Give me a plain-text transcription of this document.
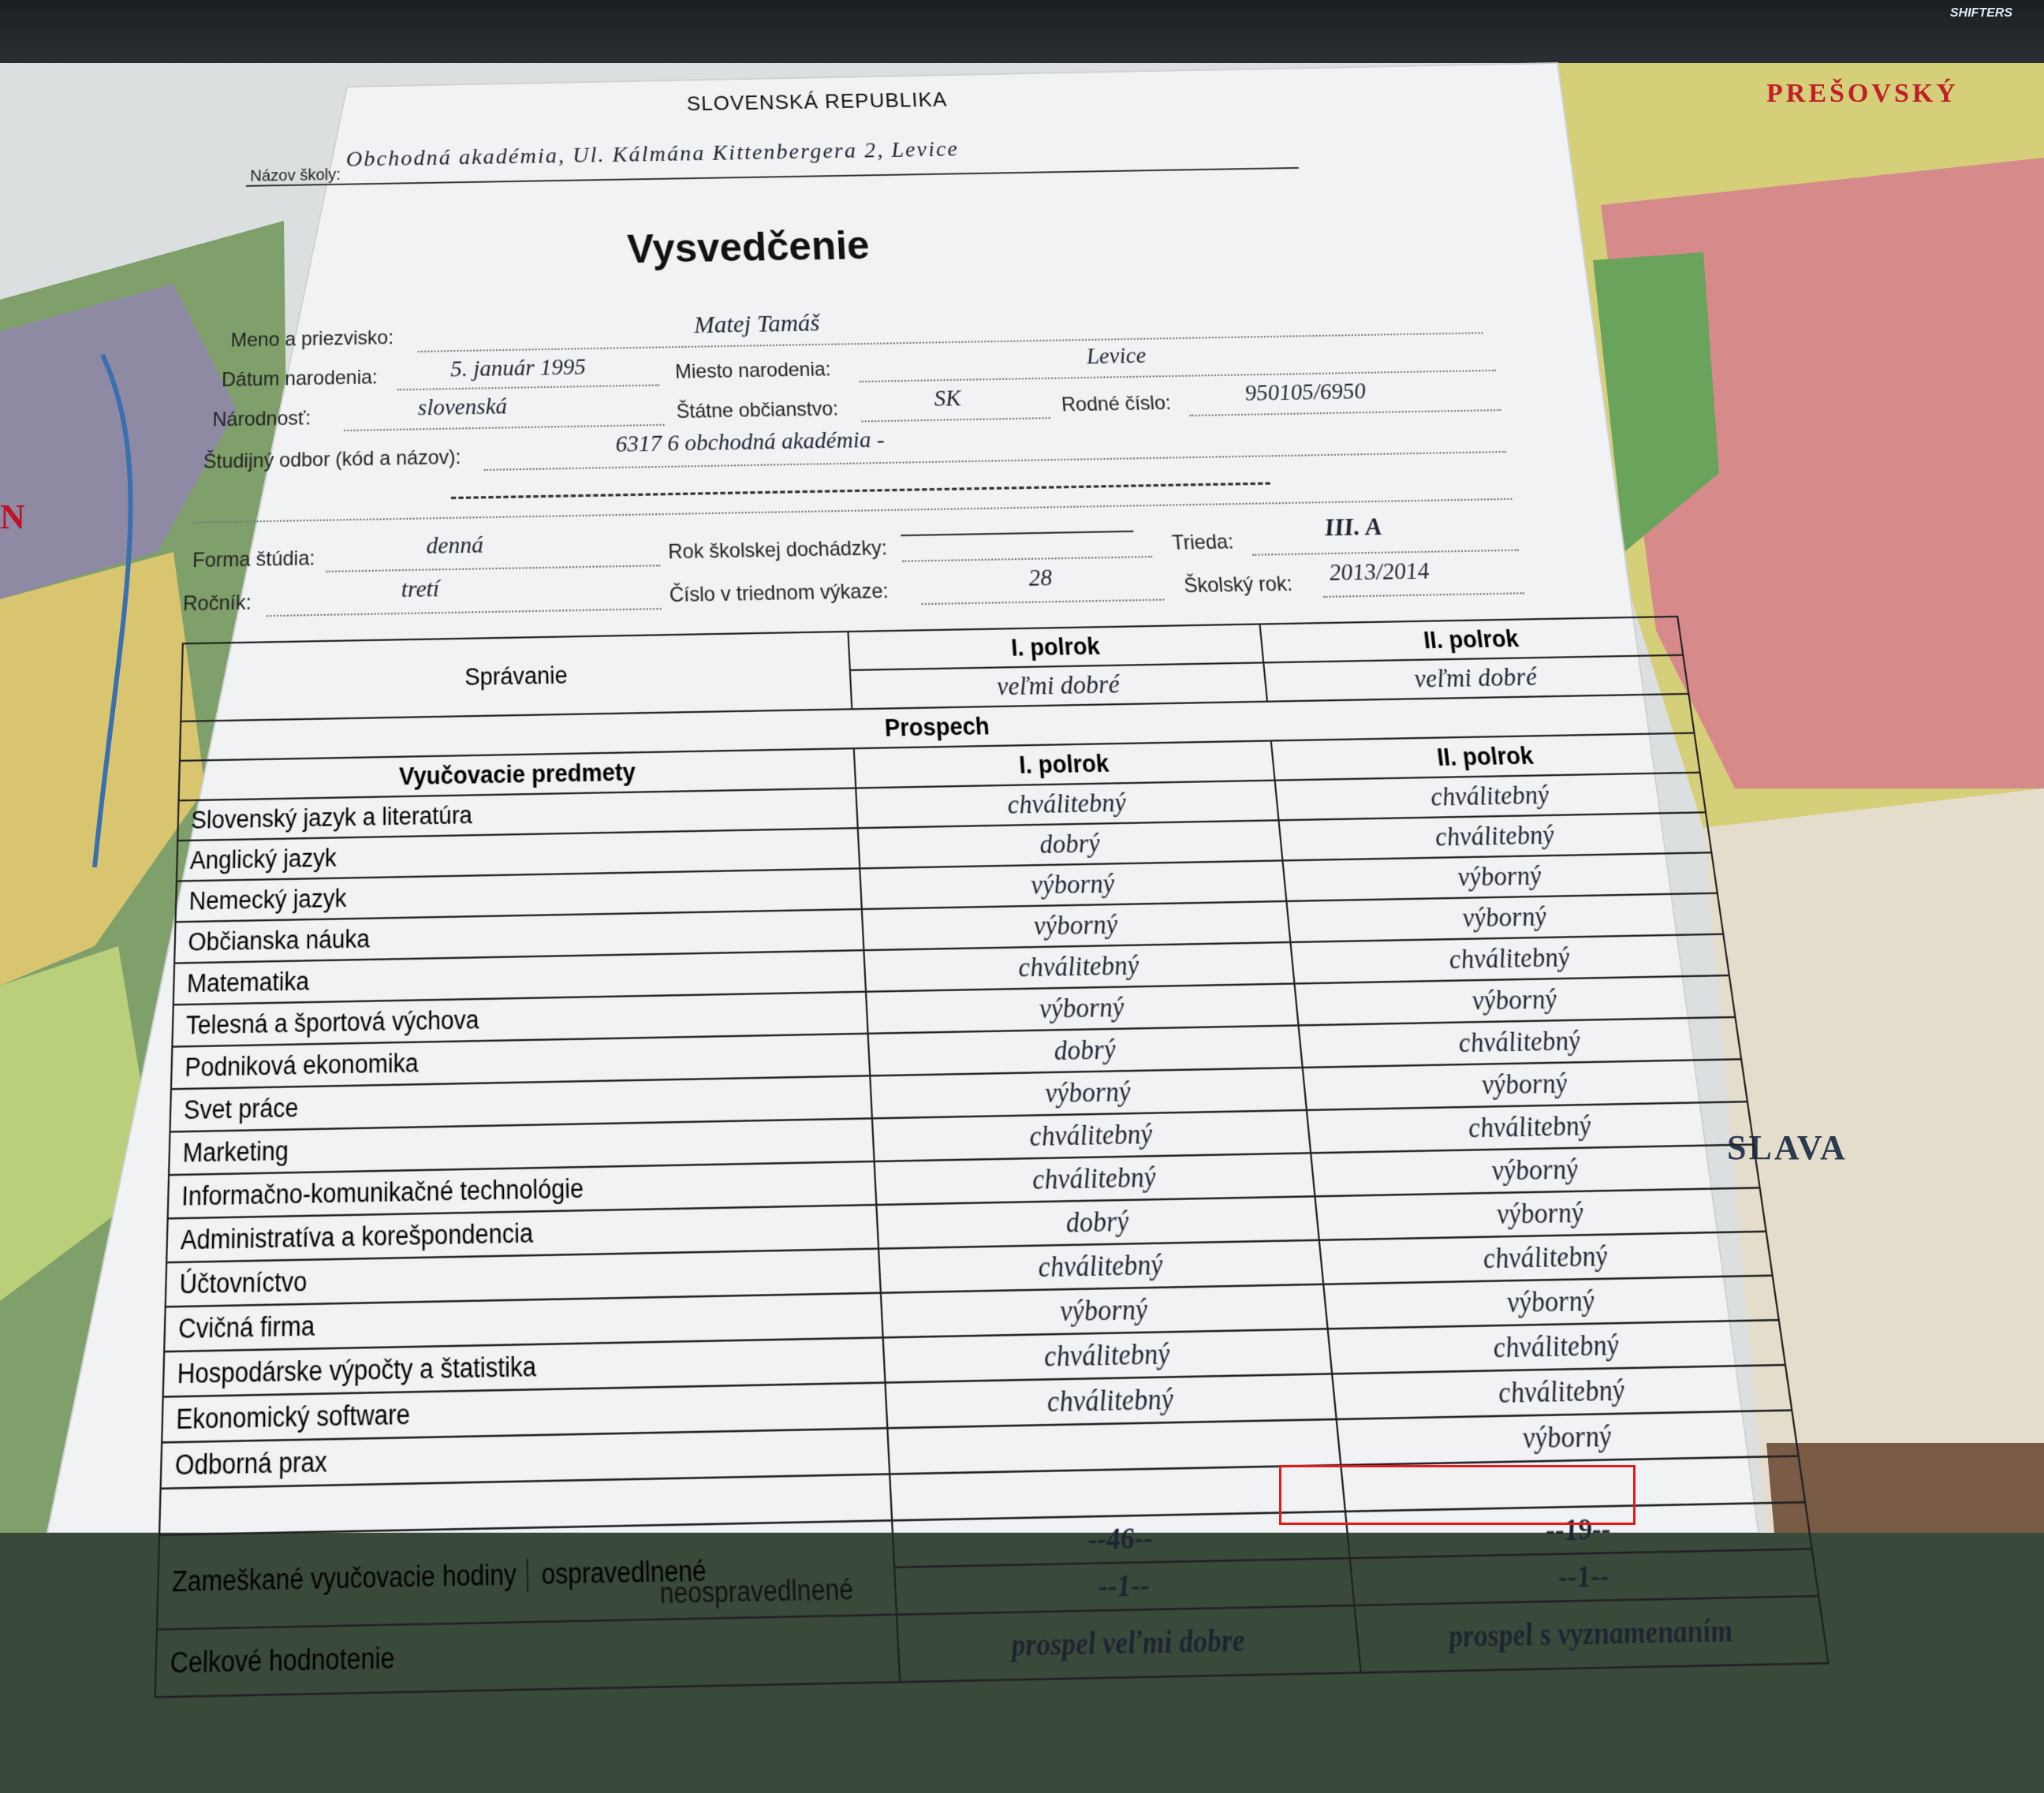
SHIFTERS
N
PREŠOVSKÝ
SLAVA
SLOVENSKÁ REPUBLIKA
Názov školy:
Obchodná akadémia, Ul. Kálmána Kittenbergera 2, Levice
Vysvedčenie
Meno a priezvisko:
Matej Tamáš
Dátum narodenia:	5. január 1995	Miesto narodenia:
Levice
Národnosť:	slovenská	Štátne občianstvo:	SK	Rodné číslo:	950105/6950
Študijný odbor (kód a názov):
6317 6 obchodná akadémia -
Forma štúdia:
denná	Rok školskej dochádzky:	Trieda:
III. A
Ročník:
tretí	Číslo v triednom výkaze:
28	Školský rok: 2013/2014
Správanie	I. polrok	II. polrok
	veľmi dobré	veľmi dobré
Prospech		
Vyučovacie predmety	I. polrok	II. polrok
Slovenský jazyk a literatúra	chválitebný	chválitebný
Anglický jazyk	dobrý	chválitebný
Nemecký jazyk	výborný	výborný
Občianska náuka	výborný	výborný
Matematika	chválitebný	chválitebný
Telesná a športová výchova	výborný	výborný
Podniková ekonomika	dobrý	chválitebný
Svet práce	výborný	výborný
Marketing	chválitebný	chválitebný
Informačno-komunikačné technológie	chválitebný	výborný
Administratíva a korešpondencia	dobrý	výborný
Účtovníctvo	chválitebný	chválitebný
Cvičná firma	výborný	výborný
Hospodárske výpočty a štatistika	chválitebný	chválitebný
Ekonomický software	chválitebný	chválitebný
Odborná prax		výborný

Zameškané vyučovacie hodiny ospravedlnené	--46--	--19--

	neospravedlnené --1--	--1--
Celkové hodnotenie	prospel veľmi dobre	prospel s vyznamenaním
